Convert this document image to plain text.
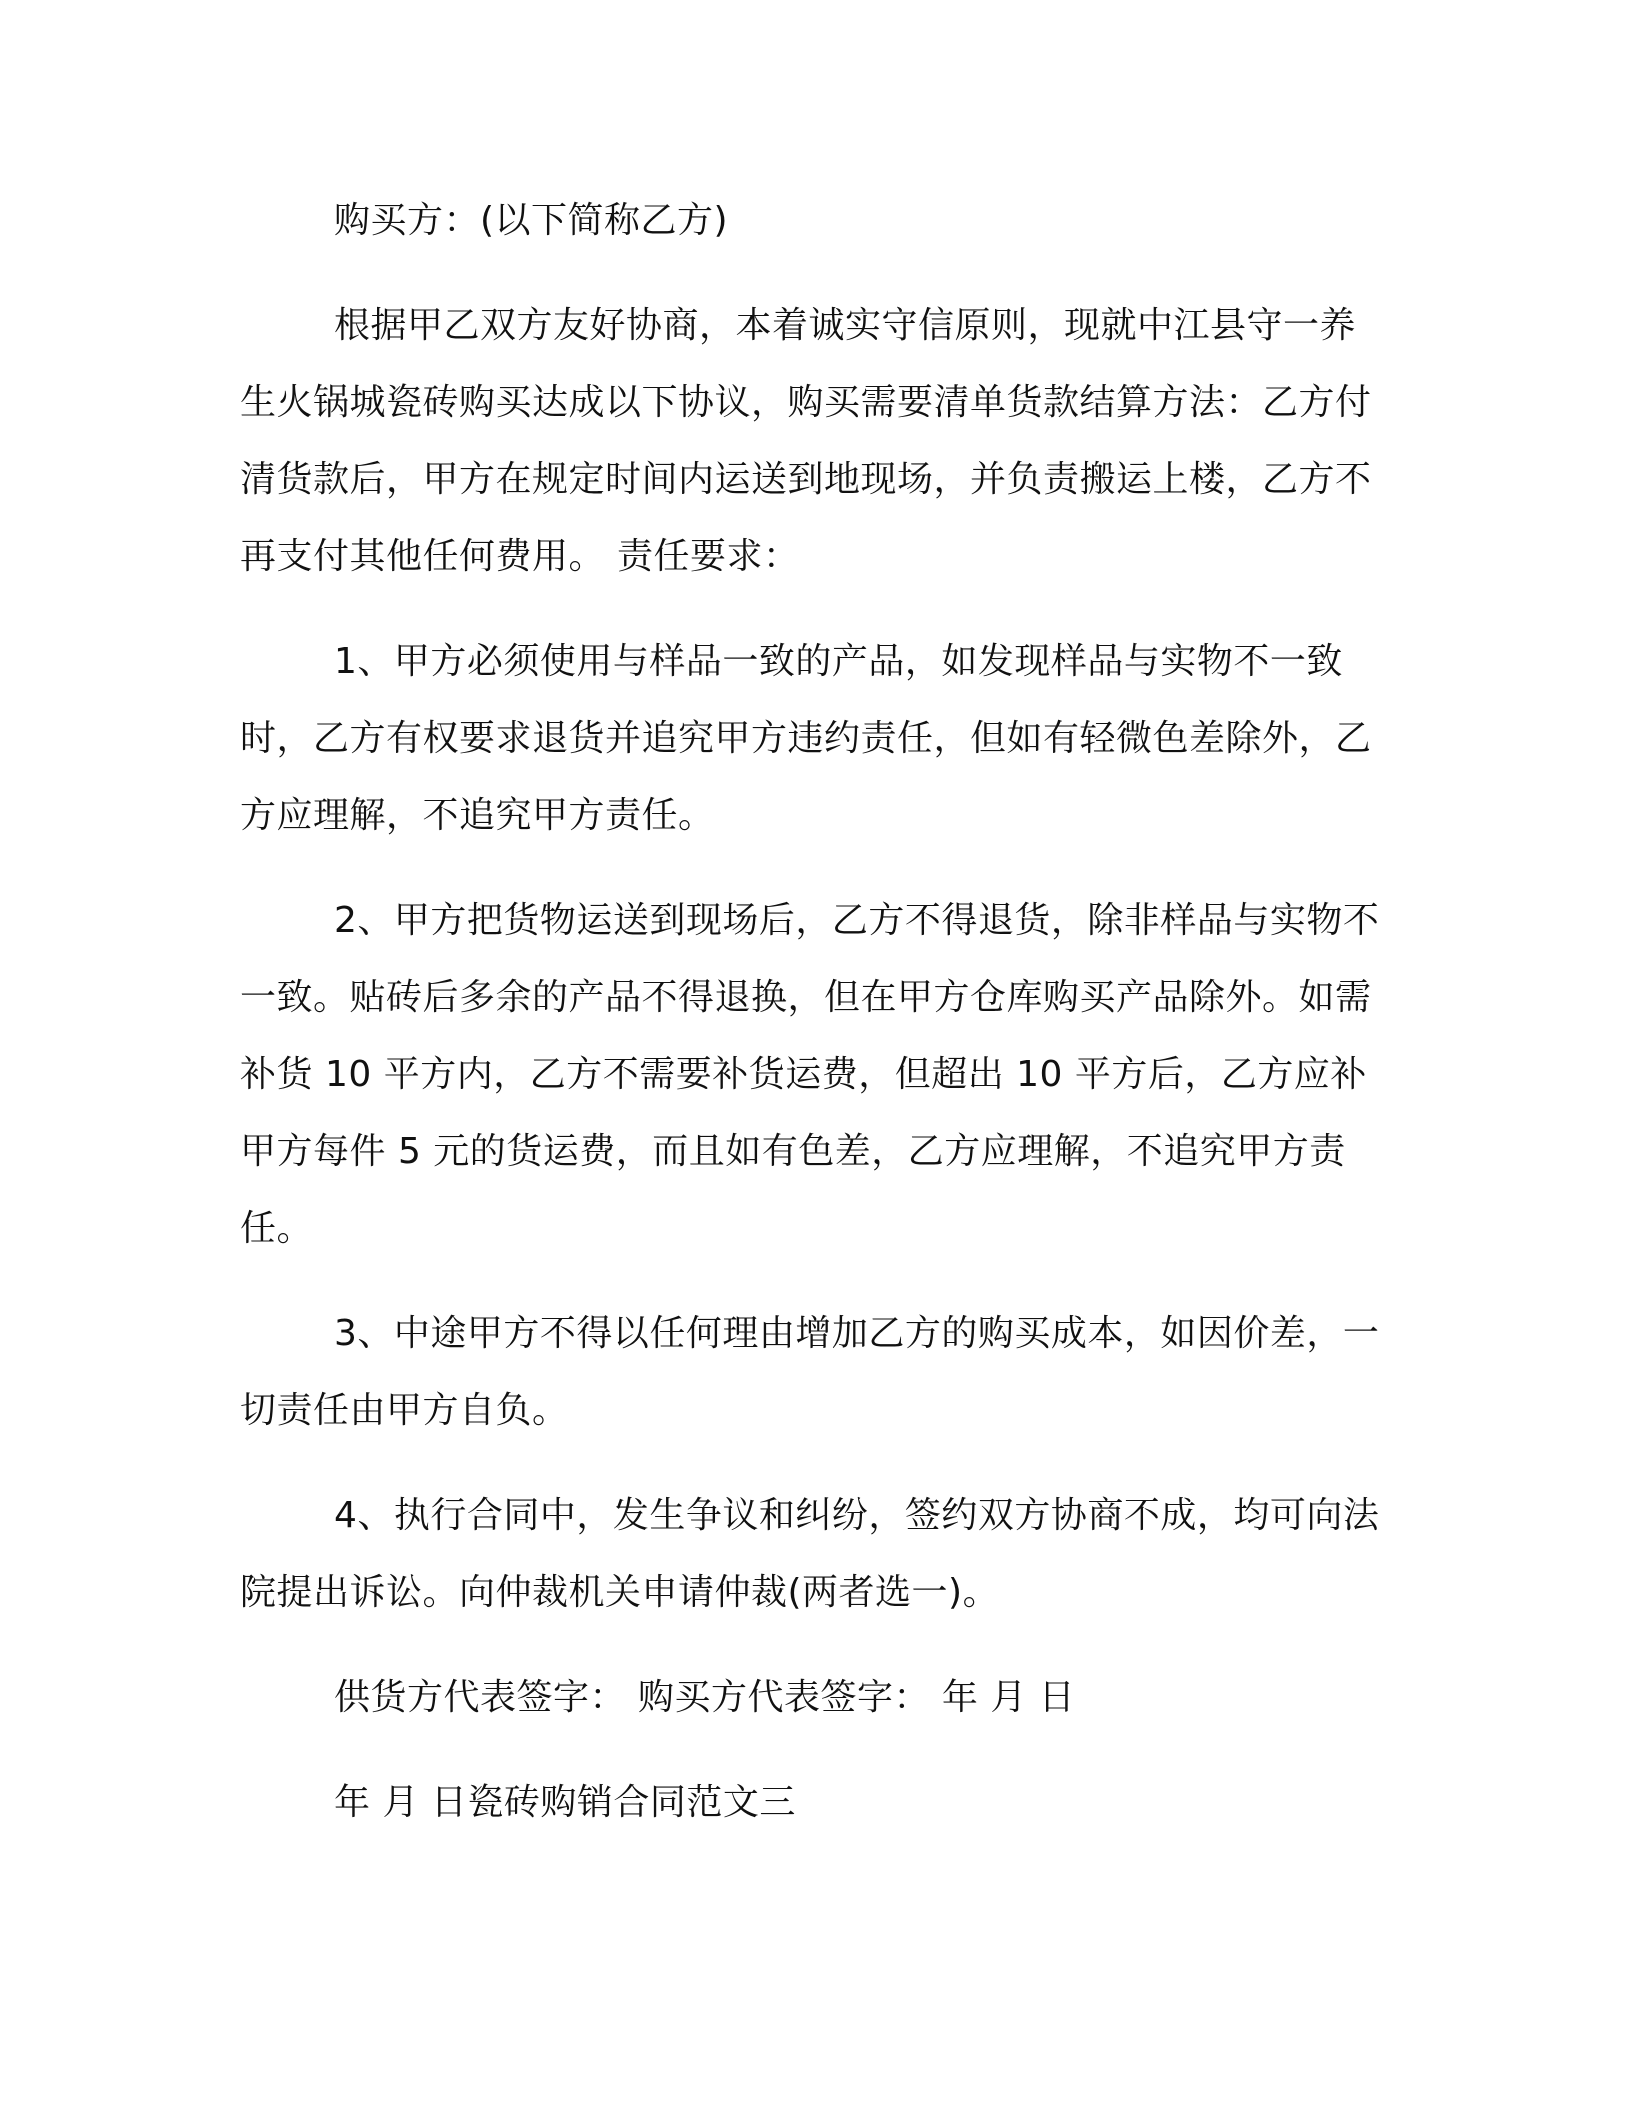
购买方：(以下简称乙方)

根据甲乙双方友好协商，本着诚实守信原则，现就中江县守一养生火锅城瓷砖购买达成以下协议，购买需要清单货款结算方法：乙方付清货款后，甲方在规定时间内运送到地现场，并负责搬运上楼，乙方不再支付其他任何费用。 责任要求：

1、甲方必须使用与样品一致的产品，如发现样品与实物不一致时，乙方有权要求退货并追究甲方违约责任，但如有轻微色差除外，乙方应理解，不追究甲方责任。

2、甲方把货物运送到现场后，乙方不得退货，除非样品与实物不一致。贴砖后多余的产品不得退换，但在甲方仓库购买产品除外。如需补货 10 平方内，乙方不需要补货运费，但超出 10 平方后，乙方应补甲方每件 5 元的货运费，而且如有色差，乙方应理解，不追究甲方责任。

3、中途甲方不得以任何理由增加乙方的购买成本，如因价差，一切责任由甲方自负。

4、执行合同中，发生争议和纠纷，签约双方协商不成，均可向法院提出诉讼。向仲裁机关申请仲裁(两者选一)。

供货方代表签字： 购买方代表签字： 年 月 日

年 月 日瓷砖购销合同范文三
